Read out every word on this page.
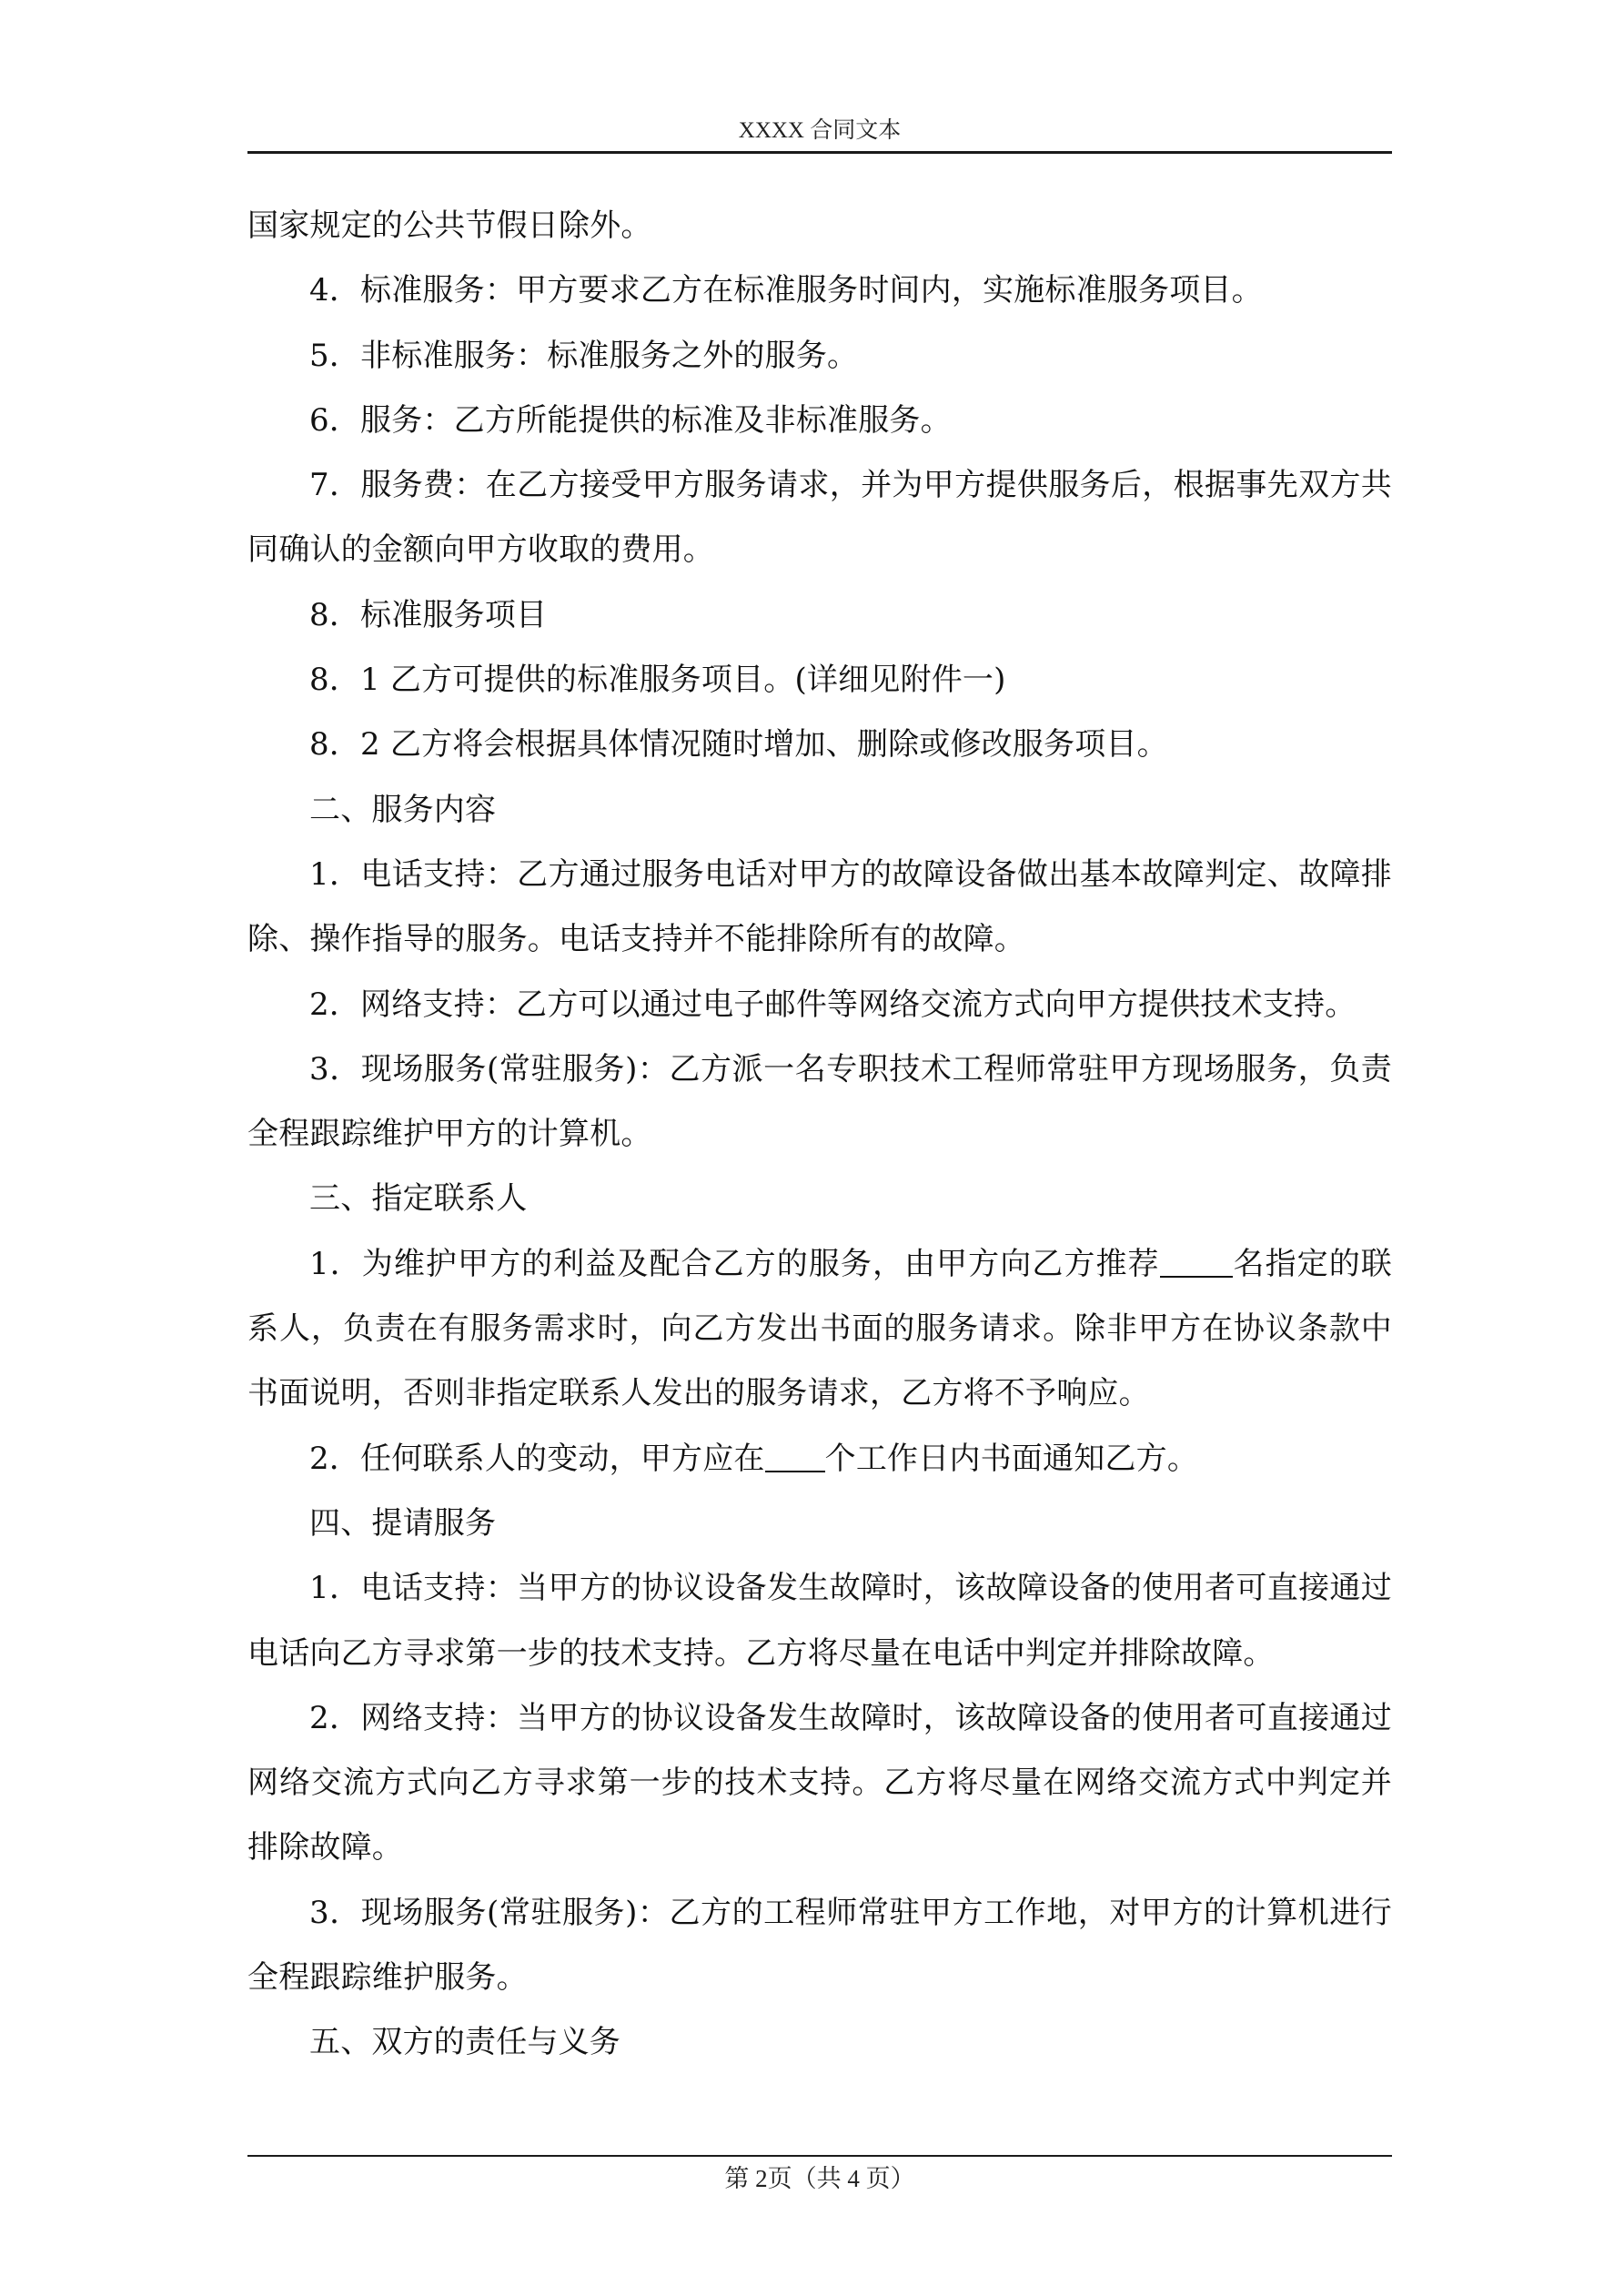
XXXX 合同文本

国家规定的公共节假日除外。

4．标准服务：甲方要求乙方在标准服务时间内，实施标准服务项目。

5．非标准服务：标准服务之外的服务。

6．服务：乙方所能提供的标准及非标准服务。

7．服务费：在乙方接受甲方服务请求，并为甲方提供服务后，根据事先双方共同确认的金额向甲方收取的费用。

8．标准服务项目

8．1 乙方可提供的标准服务项目。(详细见附件一)

8．2 乙方将会根据具体情况随时增加、删除或修改服务项目。

二、服务内容

1．电话支持：乙方通过服务电话对甲方的故障设备做出基本故障判定、故障排除、操作指导的服务。电话支持并不能排除所有的故障。

2．网络支持：乙方可以通过电子邮件等网络交流方式向甲方提供技术支持。

3．现场服务(常驻服务)：乙方派一名专职技术工程师常驻甲方现场服务，负责全程跟踪维护甲方的计算机。

三、指定联系人

1．为维护甲方的利益及配合乙方的服务，由甲方向乙方推荐 名指定的联系人，负责在有服务需求时，向乙方发出书面的服务请求。除非甲方在协议条款中书面说明，否则非指定联系人发出的服务请求，乙方将不予响应。

2．任何联系人的变动，甲方应在 个工作日内书面通知乙方。

四、提请服务

1．电话支持：当甲方的协议设备发生故障时，该故障设备的使用者可直接通过电话向乙方寻求第一步的技术支持。乙方将尽量在电话中判定并排除故障。

2．网络支持：当甲方的协议设备发生故障时，该故障设备的使用者可直接通过网络交流方式向乙方寻求第一步的技术支持。乙方将尽量在网络交流方式中判定并排除故障。

3．现场服务(常驻服务)：乙方的工程师常驻甲方工作地，对甲方的计算机进行全程跟踪维护服务。

五、双方的责任与义务

第 2页（共 4 页）
